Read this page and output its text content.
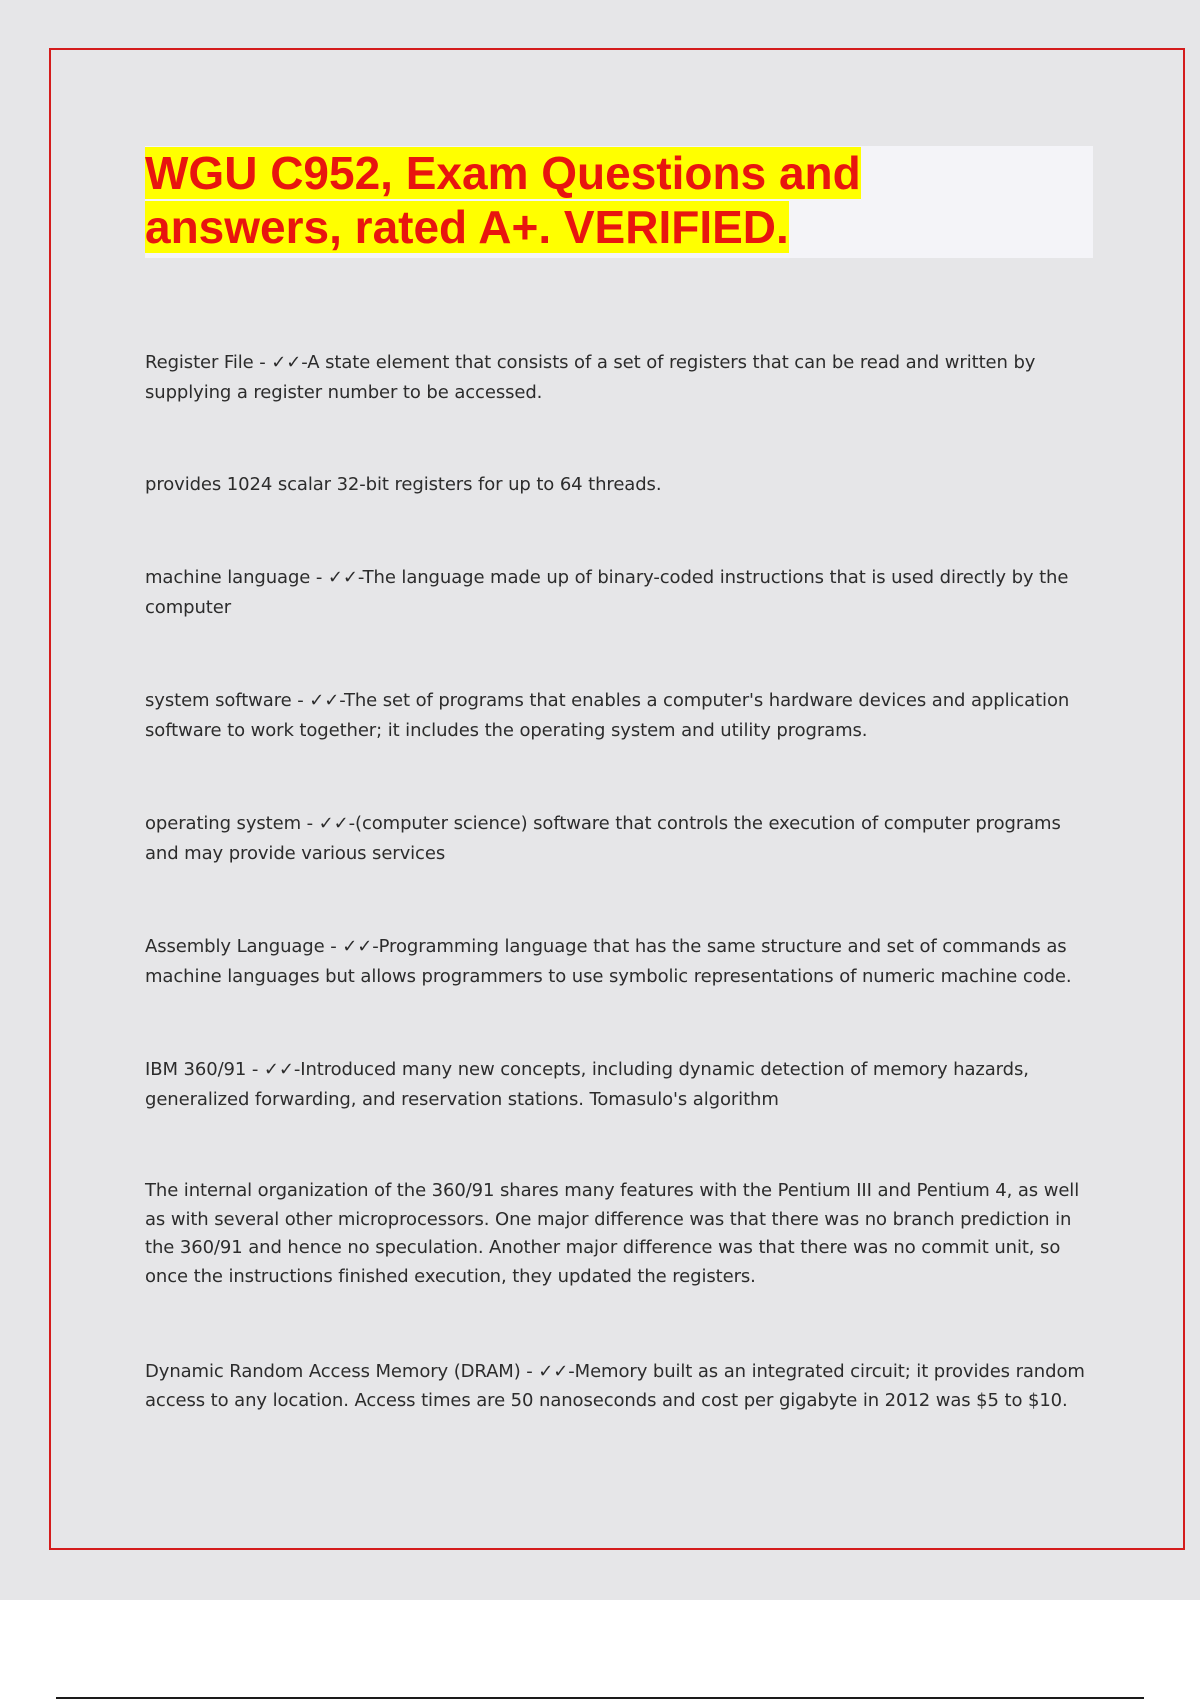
WGU C952, Exam Questions and answers, rated A+. VERIFIED.

Register File - ✓✓-A state element that consists of a set of registers that can be read and written by supplying a register number to be accessed.

provides 1024 scalar 32-bit registers for up to 64 threads.

machine language - ✓✓-The language made up of binary-coded instructions that is used directly by the computer

system software - ✓✓-The set of programs that enables a computer's hardware devices and application software to work together; it includes the operating system and utility programs.

operating system - ✓✓-(computer science) software that controls the execution of computer programs and may provide various services

Assembly Language - ✓✓-Programming language that has the same structure and set of commands as machine languages but allows programmers to use symbolic representations of numeric machine code.

IBM 360/91 - ✓✓-Introduced many new concepts, including dynamic detection of memory hazards, generalized forwarding, and reservation stations. Tomasulo's algorithm

The internal organization of the 360/91 shares many features with the Pentium III and Pentium 4, as well as with several other microprocessors. One major difference was that there was no branch prediction in the 360/91 and hence no speculation. Another major difference was that there was no commit unit, so once the instructions finished execution, they updated the registers.

Dynamic Random Access Memory (DRAM) - ✓✓-Memory built as an integrated circuit; it provides random access to any location. Access times are 50 nanoseconds and cost per gigabyte in 2012 was $5 to $10.
